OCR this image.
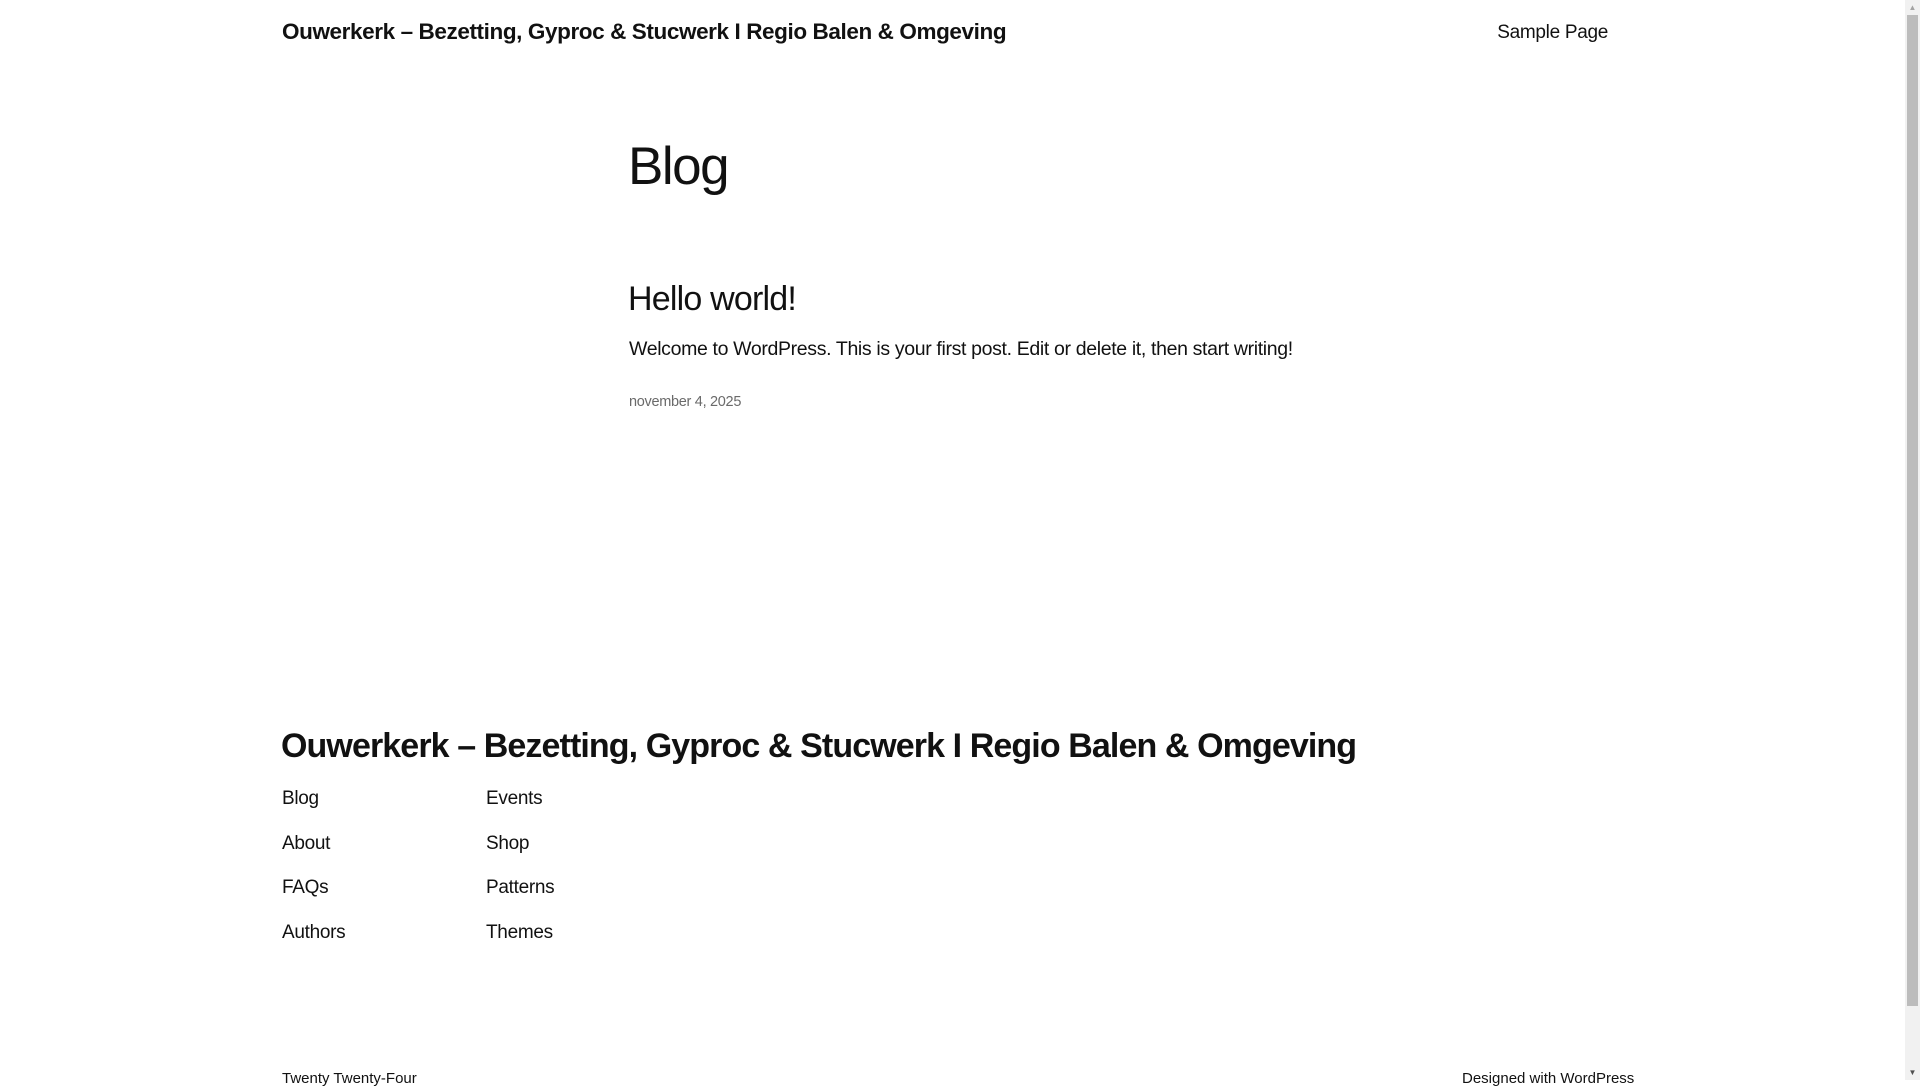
Ouwerkerk – Bezetting, Gyproc & Stucwerk I Regio Balen & Omgeving	Sample Page
Blog
Hello world!

Welcome to WordPress. This is your first post. Edit or delete it, then start writing!

november 4, 2025
Ouwerkerk – Bezetting, Gyproc & Stucwerk I Regio Balen & Omgeving
Blog
About
FAQs
Authors
Events
Shop
Patterns
Themes
Twenty Twenty-Four	Designed with WordPress
▲
▼
